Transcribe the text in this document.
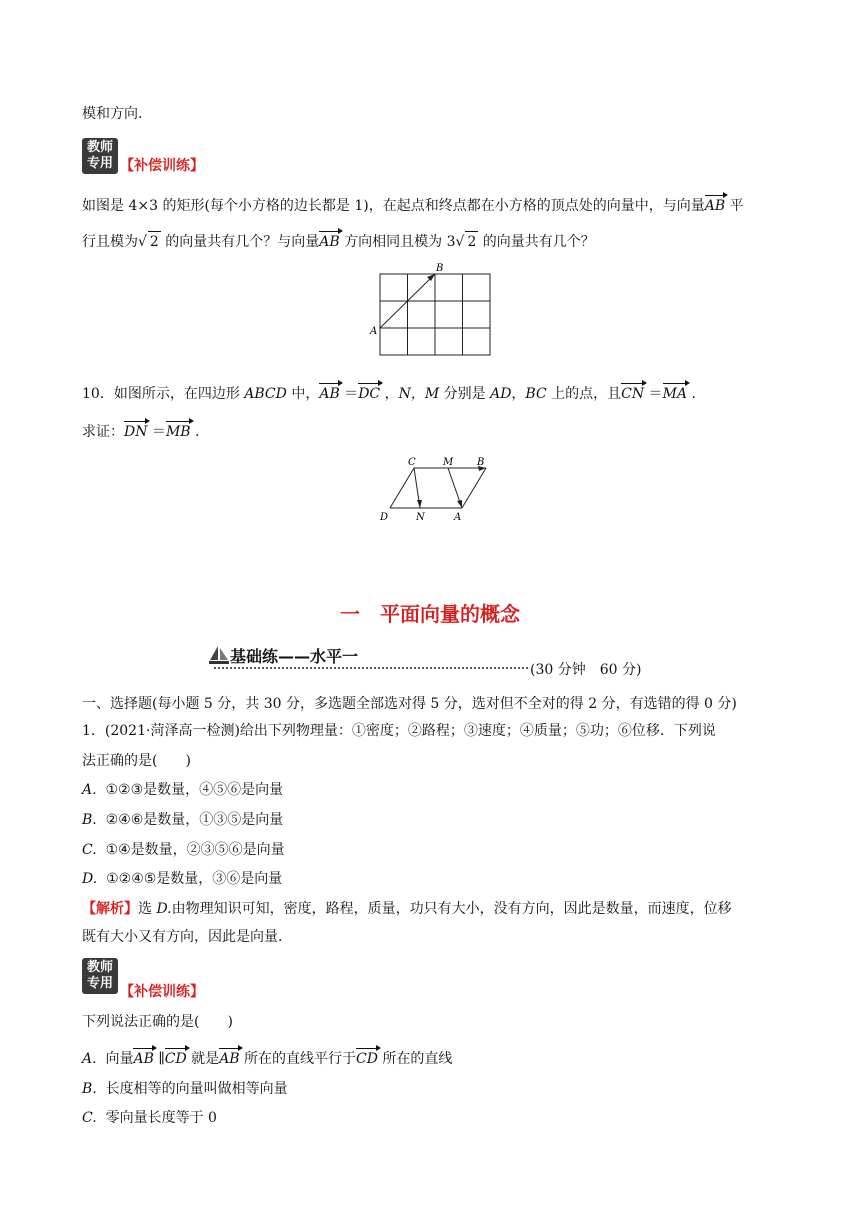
模和方向.
教师
专用 【补偿训练】
如图是 4×3 的矩形(每个小方格的边长都是 1)，在起点和终点都在小方格的顶点处的向量中，与向量AB 平
行且模为√ 2 的向量共有几个？与向量AB 方向相同且模为 3√ 2 的向量共有几个？
A
B
10．如图所示，在四边形 ABCD 中，AB ＝DC ，N，M 分别是 AD，BC 上的点，且CN ＝MA .
求证：DN ＝MB .
C	M B
D	N	A
一　平面向量的概念
基础练——水平一
(30 分钟　60 分)
一、选择题(每小题 5 分，共 30 分，多选题全部选对得 5 分，选对但不全对的得 2 分，有选错的得 0 分)
1．(2021·菏泽高一检测)给出下列物理量：①密度；②路程；③速度；④质量；⑤功；⑥位移．下列说
法正确的是(　　)
A. ①②③是数量，④⑤⑥是向量
B. ②④⑥是数量，①③⑤是向量
C. ①④是数量，②③⑤⑥是向量
D. ①②④⑤是数量，③⑥是向量
【解析】选 D.由物理知识可知，密度，路程，质量，功只有大小，没有方向，因此是数量，而速度，位移
既有大小又有方向，因此是向量.
教师
专用
【补偿训练】
下列说法正确的是(　　)
A. 向量AB ∥CD 就是AB 所在的直线平行于CD 所在的直线
B. 长度相等的向量叫做相等向量
C. 零向量长度等于 0
